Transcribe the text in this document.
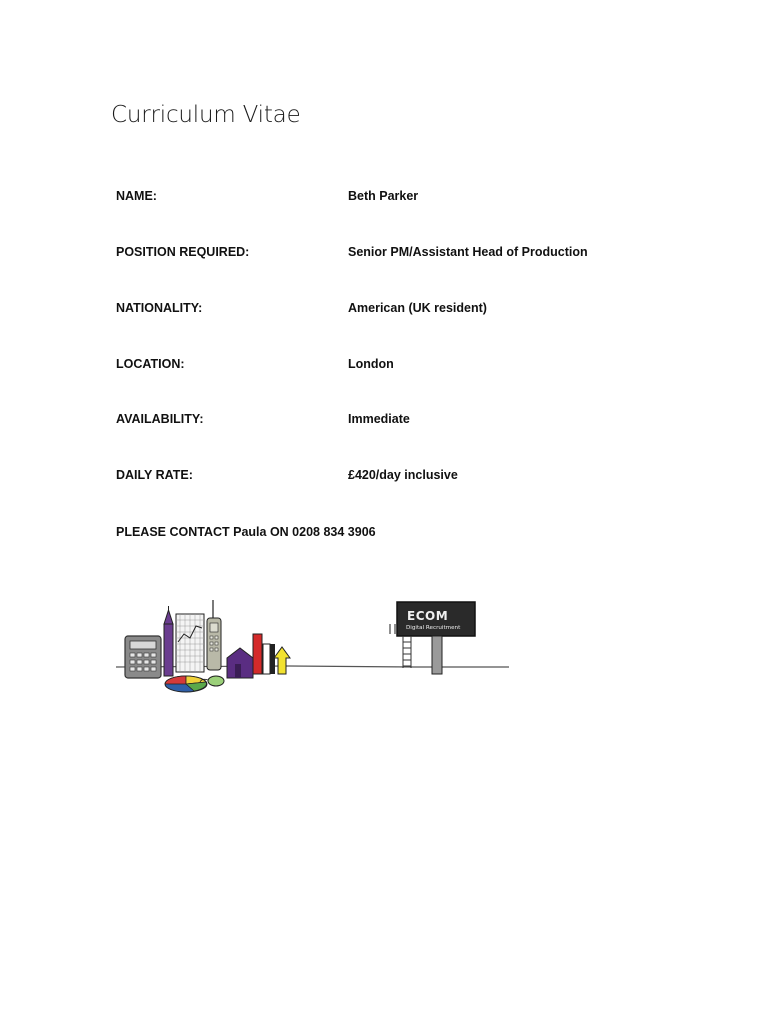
Curriculum Vitae
NAME:	Beth Parker
POSITION REQUIRED:	Senior PM/Assistant Head of Production
NATIONALITY:	American (UK resident)
LOCATION:	London
AVAILABILITY:	Immediate
DAILY RATE:	£420/day inclusive
PLEASE CONTACT Paula ON 0208 834 3906
ECOM
Digital Recruitment
